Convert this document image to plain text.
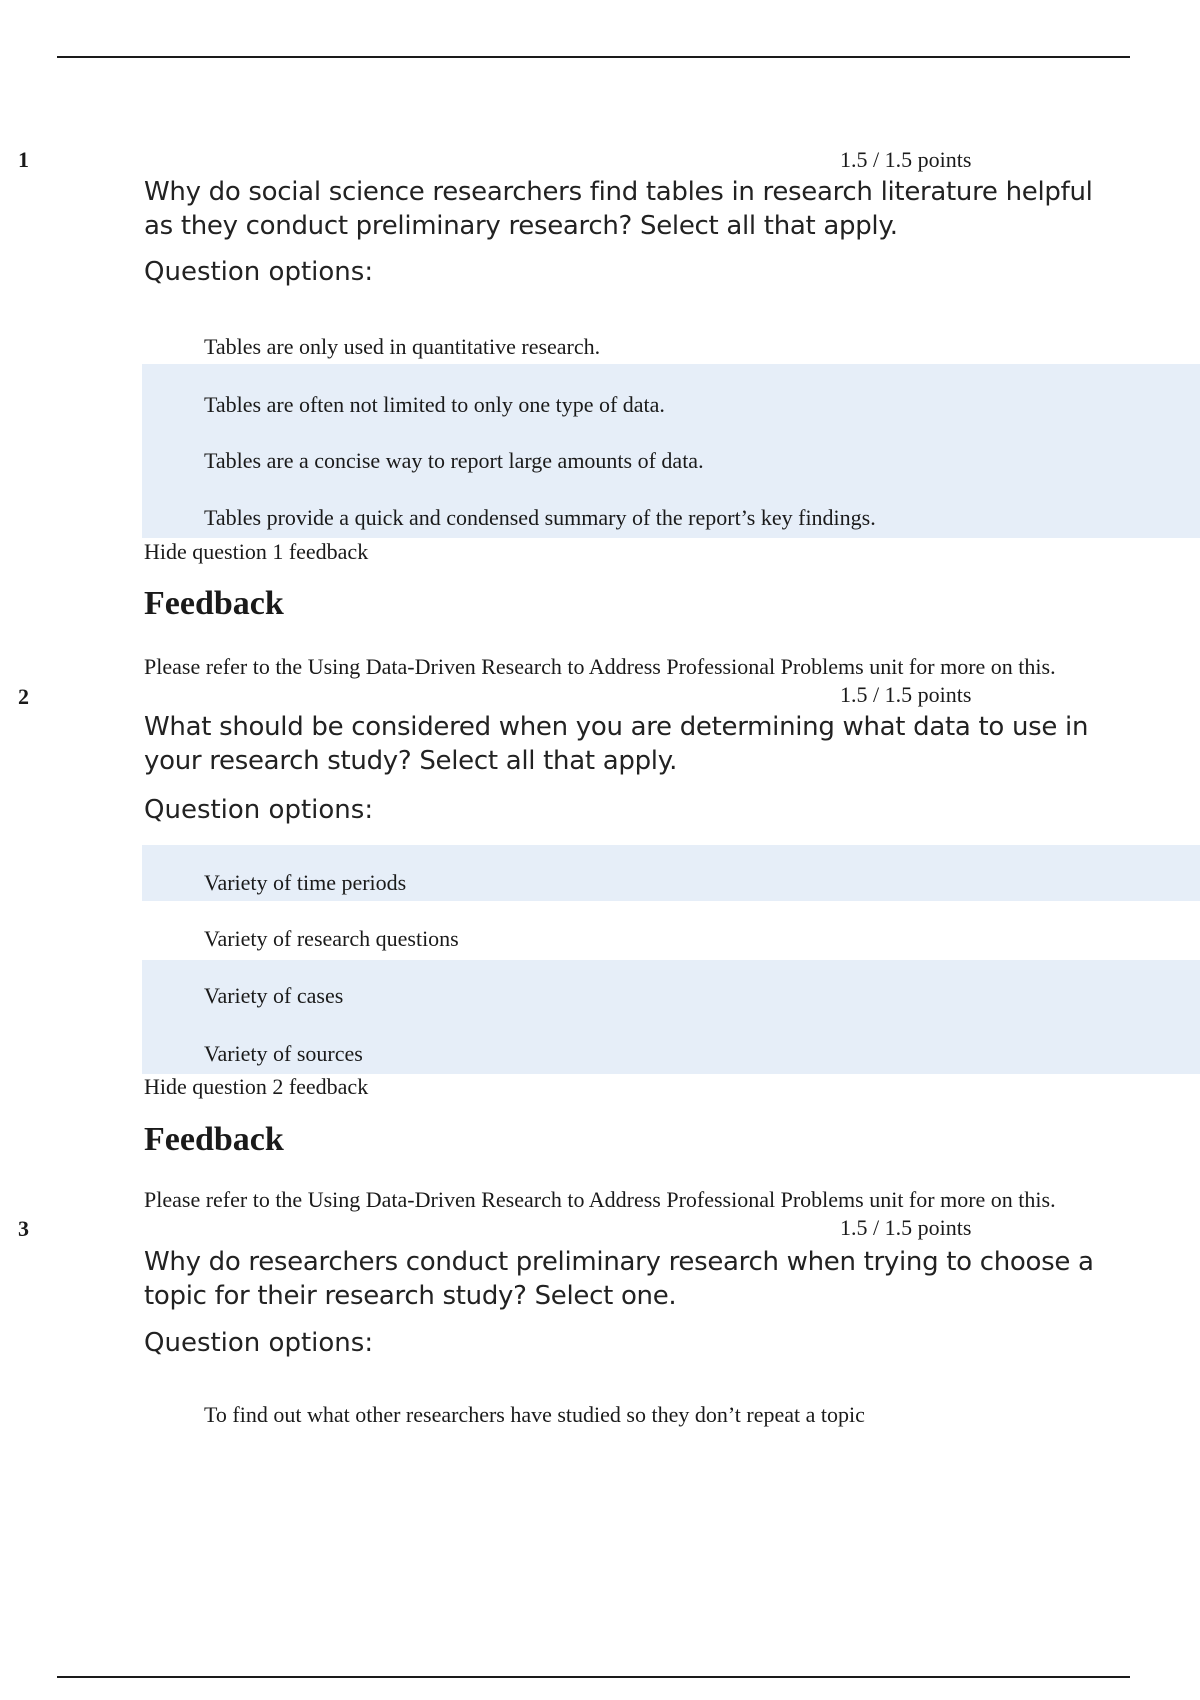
1	1.5 / 1.5 points
Why do social science researchers find tables in research literature helpful as they conduct preliminary research? Select all that apply.
Question options:
Tables are only used in quantitative research.
Tables are often not limited to only one type of data.
Tables are a concise way to report large amounts of data.
Tables provide a quick and condensed summary of the report’s key findings.
Hide question 1 feedback
Feedback
Please refer to the Using Data-Driven Research to Address Professional Problems unit for more on this.
2	1.5 / 1.5 points
What should be considered when you are determining what data to use in your research study? Select all that apply.
Question options:
Variety of time periods
Variety of research questions
Variety of cases
Variety of sources
Hide question 2 feedback
Feedback
Please refer to the Using Data-Driven Research to Address Professional Problems unit for more on this.
3	1.5 / 1.5 points
Why do researchers conduct preliminary research when trying to choose a topic for their research study? Select one.
Question options:
To find out what other researchers have studied so they don’t repeat a topic
